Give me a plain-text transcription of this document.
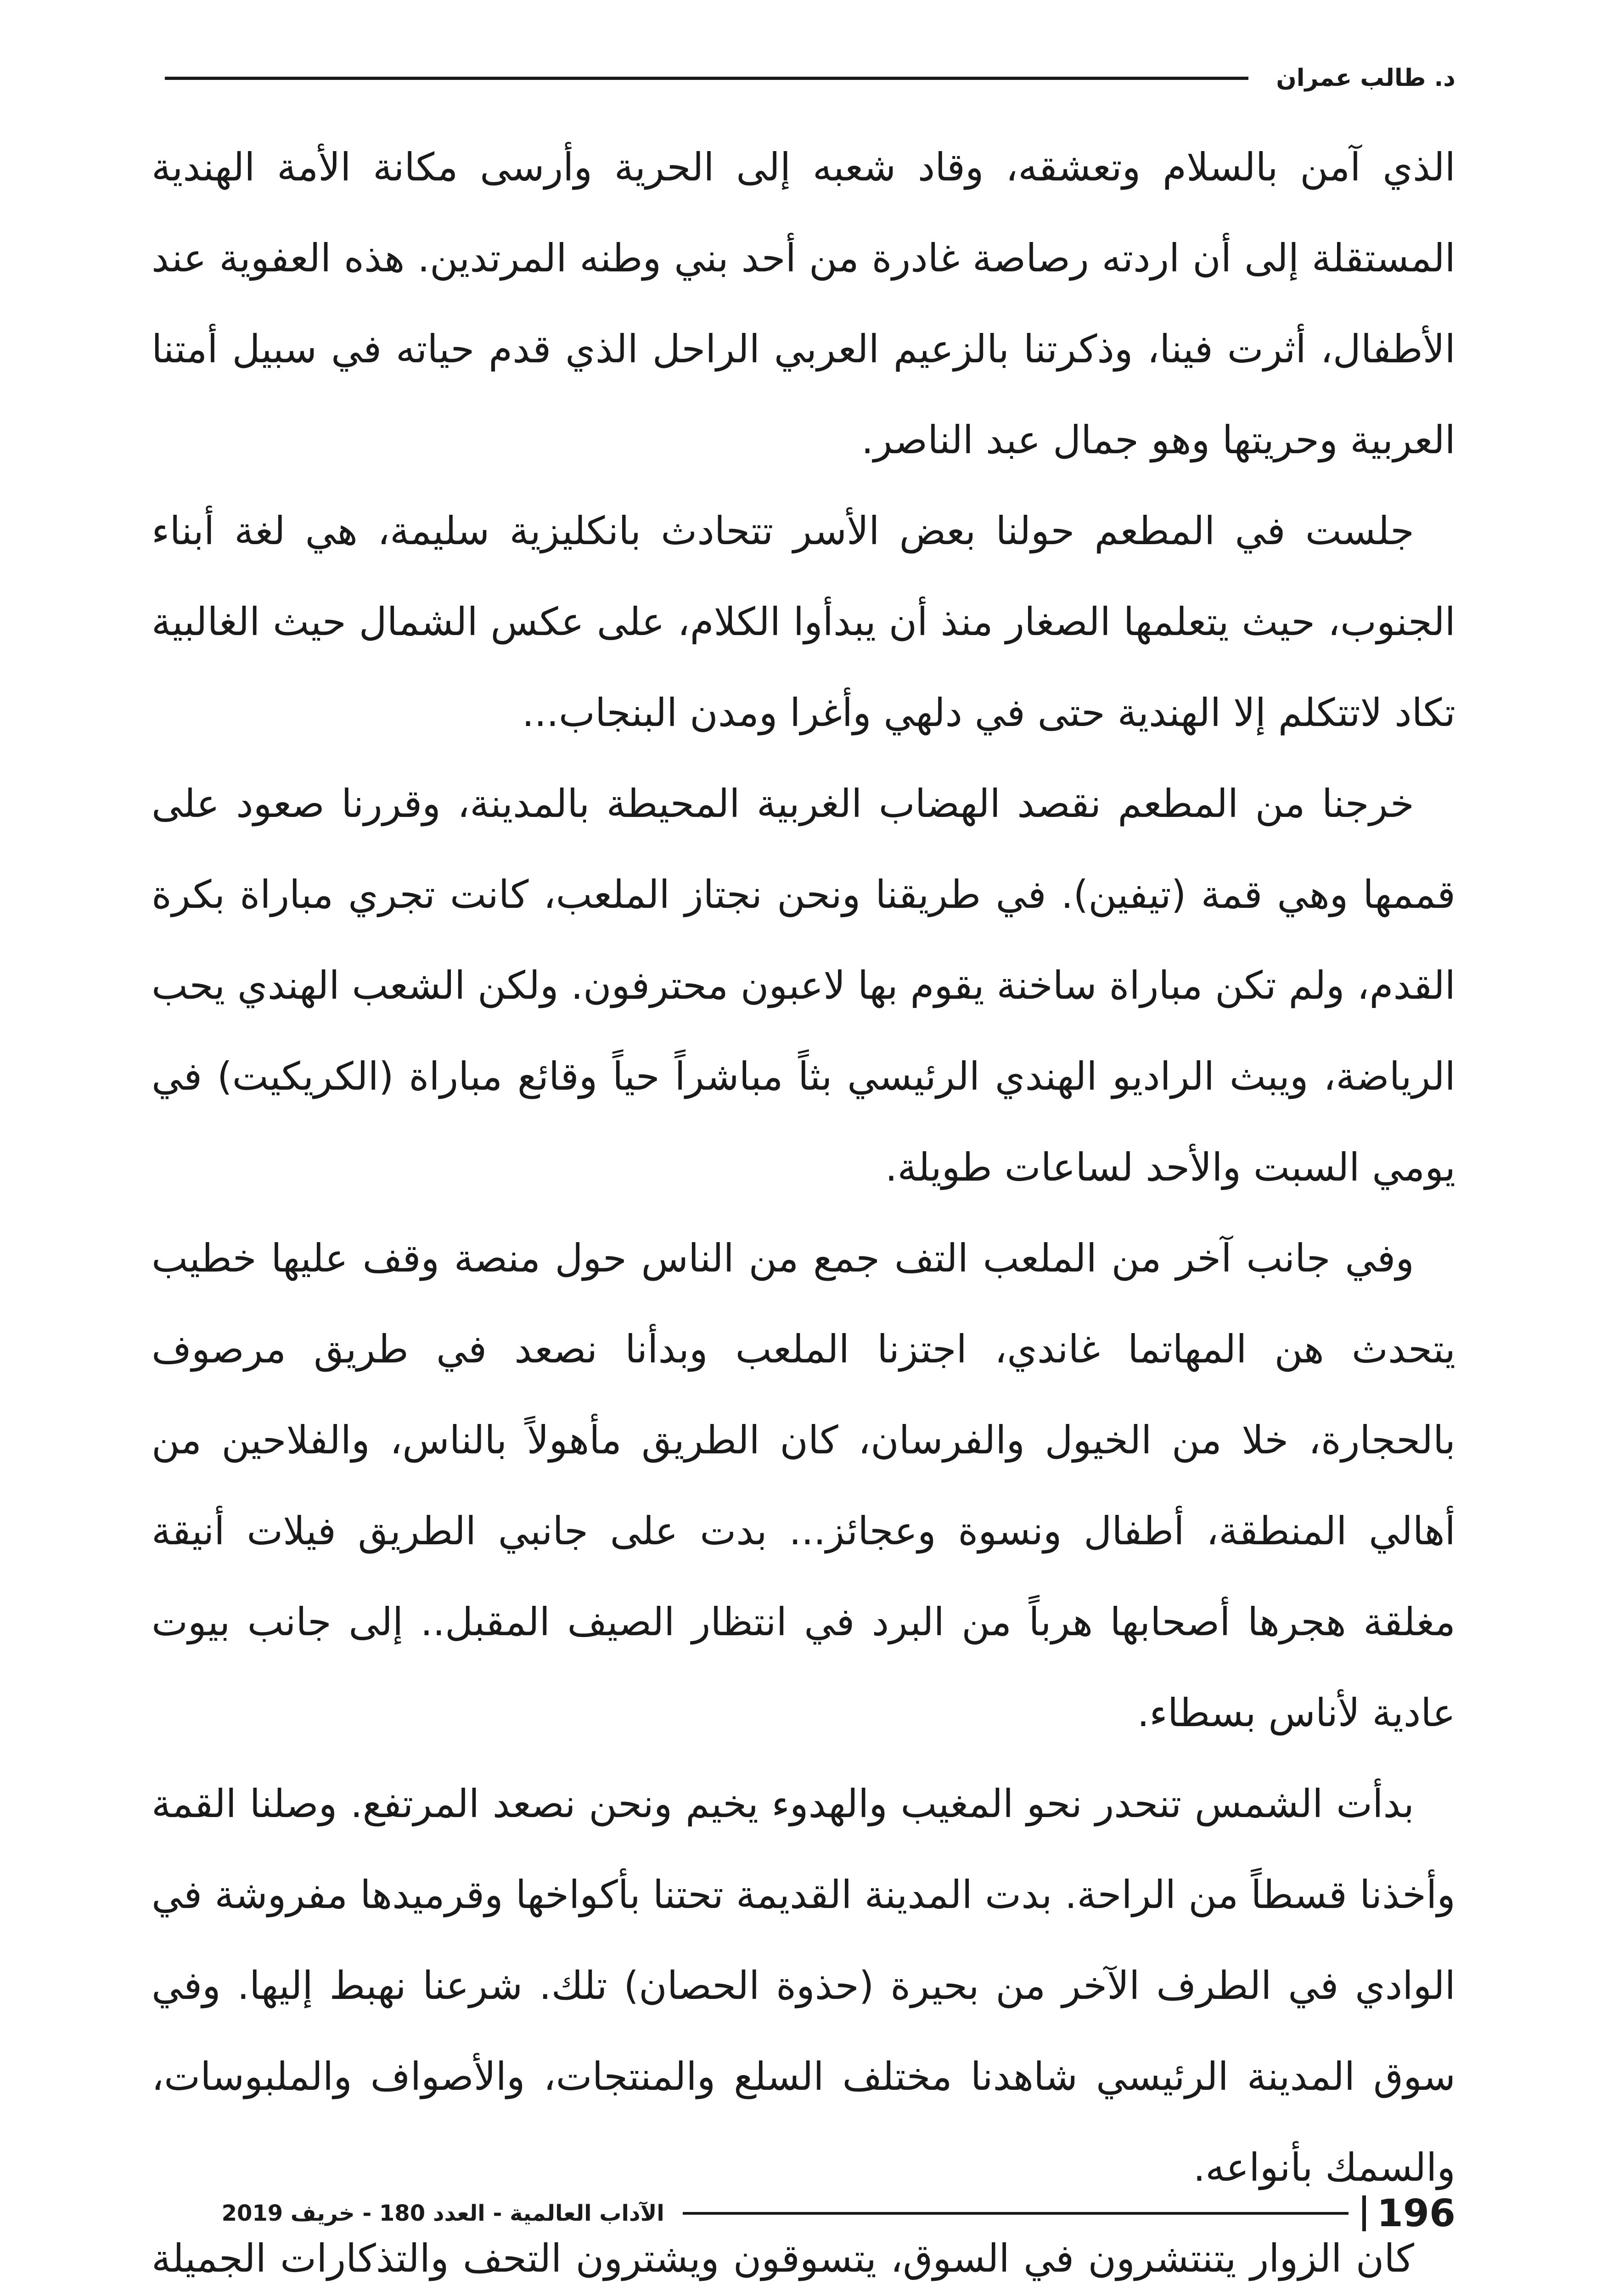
د. طالب عمران

الذي آمن بالسلام وتعشقه، وقاد شعبه إلى الحرية وأرسى مكانة الأمة الهندية المستقلة إلى أن اردته رصاصة غادرة من أحد بني وطنه المرتدين. هذه العفوية عند الأطفال، أثرت فينا، وذكرتنا بالزعيم العربي الراحل الذي قدم حياته في سبيل أمتنا العربية وحريتها وهو جمال عبد الناصر.

جلست في المطعم حولنا بعض الأسر تتحادث بانكليزية سليمة، هي لغة أبناء الجنوب، حيث يتعلمها الصغار منذ أن يبدأوا الكلام، على عكس الشمال حيث الغالبية تكاد لاتتكلم إلا الهندية حتى في دلهي وأغرا ومدن البنجاب...

خرجنا من المطعم نقصد الهضاب الغربية المحيطة بالمدينة، وقررنا صعود على قممها وهي قمة (تيفين). في طريقنا ونحن نجتاز الملعب، كانت تجري مباراة بكرة القدم، ولم تكن مباراة ساخنة يقوم بها لاعبون محترفون. ولكن الشعب الهندي يحب الرياضة، ويبث الراديو الهندي الرئيسي بثاً مباشراً حياً وقائع مباراة (الكريكيت) في يومي السبت والأحد لساعات طويلة.

وفي جانب آخر من الملعب التف جمع من الناس حول منصة وقف عليها خطيب يتحدث هن المهاتما غاندي، اجتزنا الملعب وبدأنا نصعد في طريق مرصوف بالحجارة، خلا من الخيول والفرسان، كان الطريق مأهولاً بالناس، والفلاحين من أهالي المنطقة، أطفال ونسوة وعجائز... بدت على جانبي الطريق فيلات أنيقة مغلقة هجرها أصحابها هرباً من البرد في انتظار الصيف المقبل.. إلى جانب بيوت عادية لأناس بسطاء.

بدأت الشمس تنحدر نحو المغيب والهدوء يخيم ونحن نصعد المرتفع. وصلنا القمة وأخذنا قسطاً من الراحة. بدت المدينة القديمة تحتنا بأكواخها وقرميدها مفروشة في الوادي في الطرف الآخر من بحيرة (حذوة الحصان) تلك. شرعنا نهبط إليها. وفي سوق المدينة الرئيسي شاهدنا مختلف السلع والمنتجات، والأصواف والملبوسات، والسمك بأنواعه.

كان الزوار يتنتشرون في السوق، يتسوقون ويشترون التحف والتذكارات الجميلة

196
الآداب العالمية - العدد 180 - خريف 2019
